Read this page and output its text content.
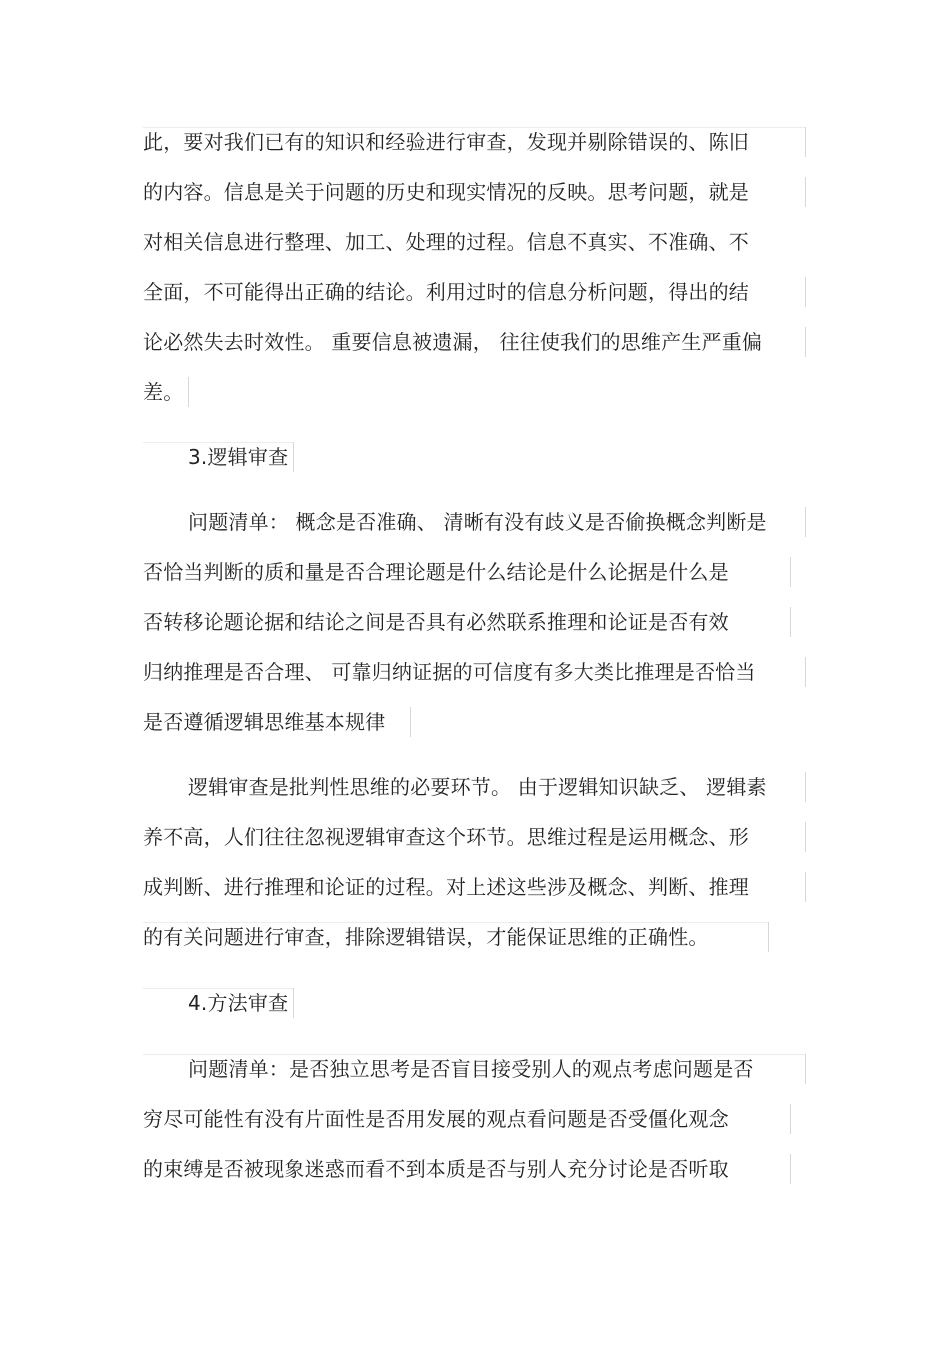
此，要对我们已有的知识和经验进行审查，发现并剔除错误的、陈旧
的内容。信息是关于问题的历史和现实情况的反映。思考问题，就是
对相关信息进行整理、加工、处理的过程。信息不真实、不准确、不
全面，不可能得出正确的结论。利用过时的信息分析问题，得出的结
论必然失去时效性。 重要信息被遗漏， 往往使我们的思维产生严重偏
差。
3.逻辑审查
问题清单： 概念是否准确、 清晰有没有歧义是否偷换概念判断是
否恰当判断的质和量是否合理论题是什么结论是什么论据是什么是
否转移论题论据和结论之间是否具有必然联系推理和论证是否有效
归纳推理是否合理、 可靠归纳证据的可信度有多大类比推理是否恰当
是否遵循逻辑思维基本规律
逻辑审查是批判性思维的必要环节。 由于逻辑知识缺乏、 逻辑素
养不高，人们往往忽视逻辑审查这个环节。思维过程是运用概念、形
成判断、进行推理和论证的过程。对上述这些涉及概念、判断、推理
的有关问题进行审查，排除逻辑错误，才能保证思维的正确性。
4.方法审查
问题清单：是否独立思考是否盲目接受别人的观点考虑问题是否
穷尽可能性有没有片面性是否用发展的观点看问题是否受僵化观念
的束缚是否被现象迷惑而看不到本质是否与别人充分讨论是否听取
